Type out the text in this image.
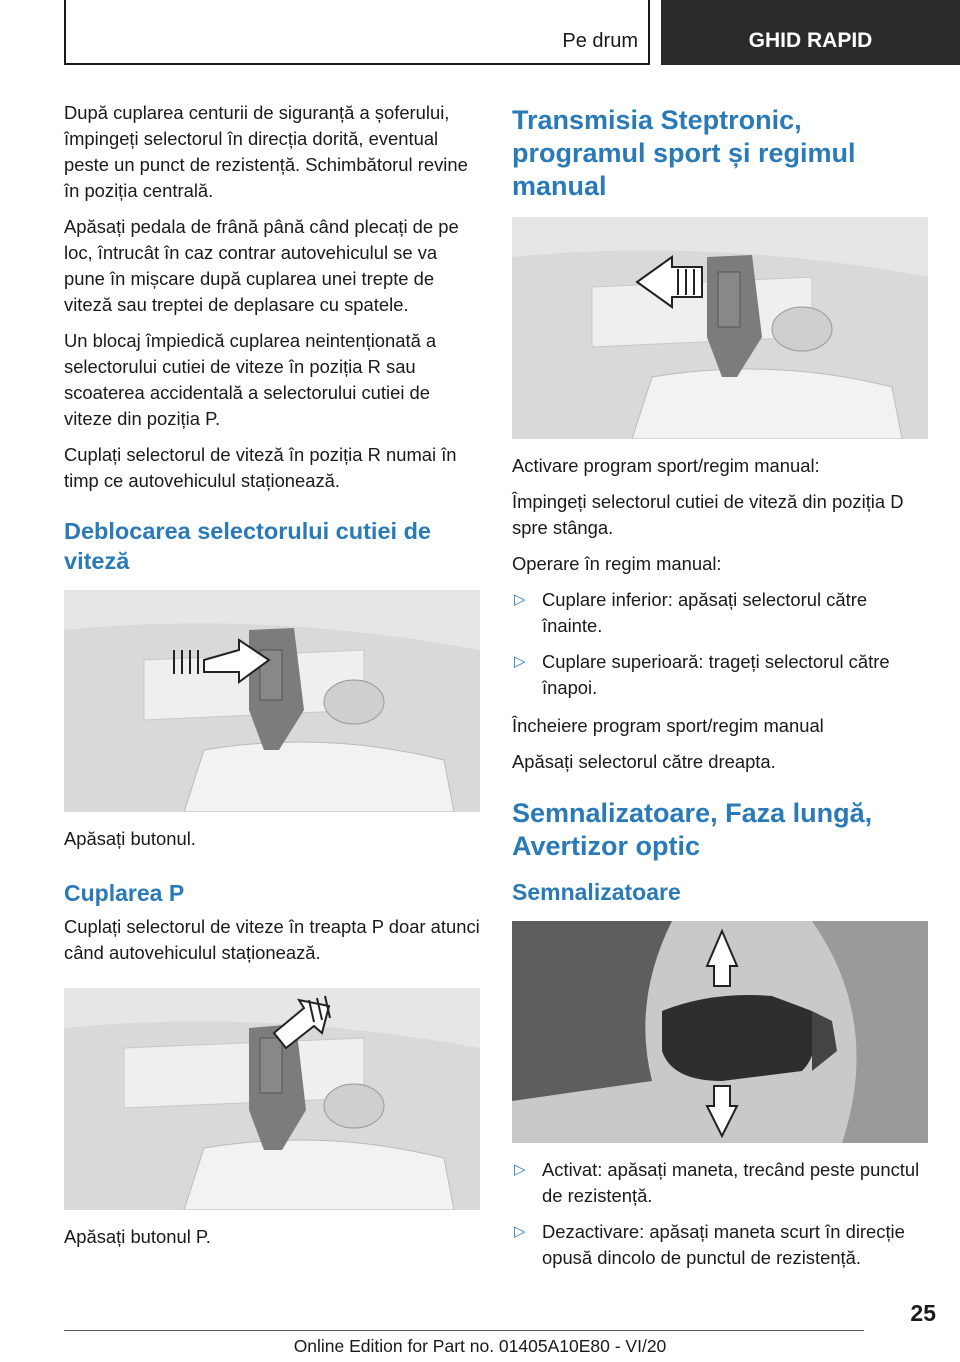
Pe drum	GHID RAPID

După cuplarea centurii de siguranță a șoferului, împingeți selectorul în direcția dorită, eventual peste un punct de rezistență. Schimbătorul revine în poziția centrală.

Apăsați pedala de frână până când plecați de pe loc, întrucât în caz contrar autovehiculul se va pune în mișcare după cuplarea unei trepte de viteză sau treptei de deplasare cu spatele.

Un blocaj împiedică cuplarea neintenționată a selectorului cutiei de viteze în poziția R sau scoaterea accidentală a selectorului cutiei de viteze din poziția P.

Cuplați selectorul de viteză în poziția R numai în timp ce autovehiculul staționează.

Deblocarea selectorului cutiei de viteză

Apăsați butonul.

Cuplarea P

Cuplați selectorul de viteze în treapta P doar atunci când autovehiculul staționează.

Apăsați butonul P.

Transmisia Steptronic, programul sport și regimul manual

Activare program sport/regim manual:

Împingeți selectorul cutiei de viteză din poziția D spre stânga.

Operare în regim manual:

▷ Cuplare inferior: apăsați selectorul către înainte.
▷ Cuplare superioară: trageți selectorul către înapoi.

Încheiere program sport/regim manual

Apăsați selectorul către dreapta.

Semnalizatoare, Faza lungă, Avertizor optic
Semnalizatoare
▷ Activat: apăsați maneta, trecând peste punctul de rezistență.
▷ Dezactivare: apăsați maneta scurt în direcție opusă dincolo de punctul de rezistență.
25
Online Edition for Part no. 01405A10E80 - VI/20
